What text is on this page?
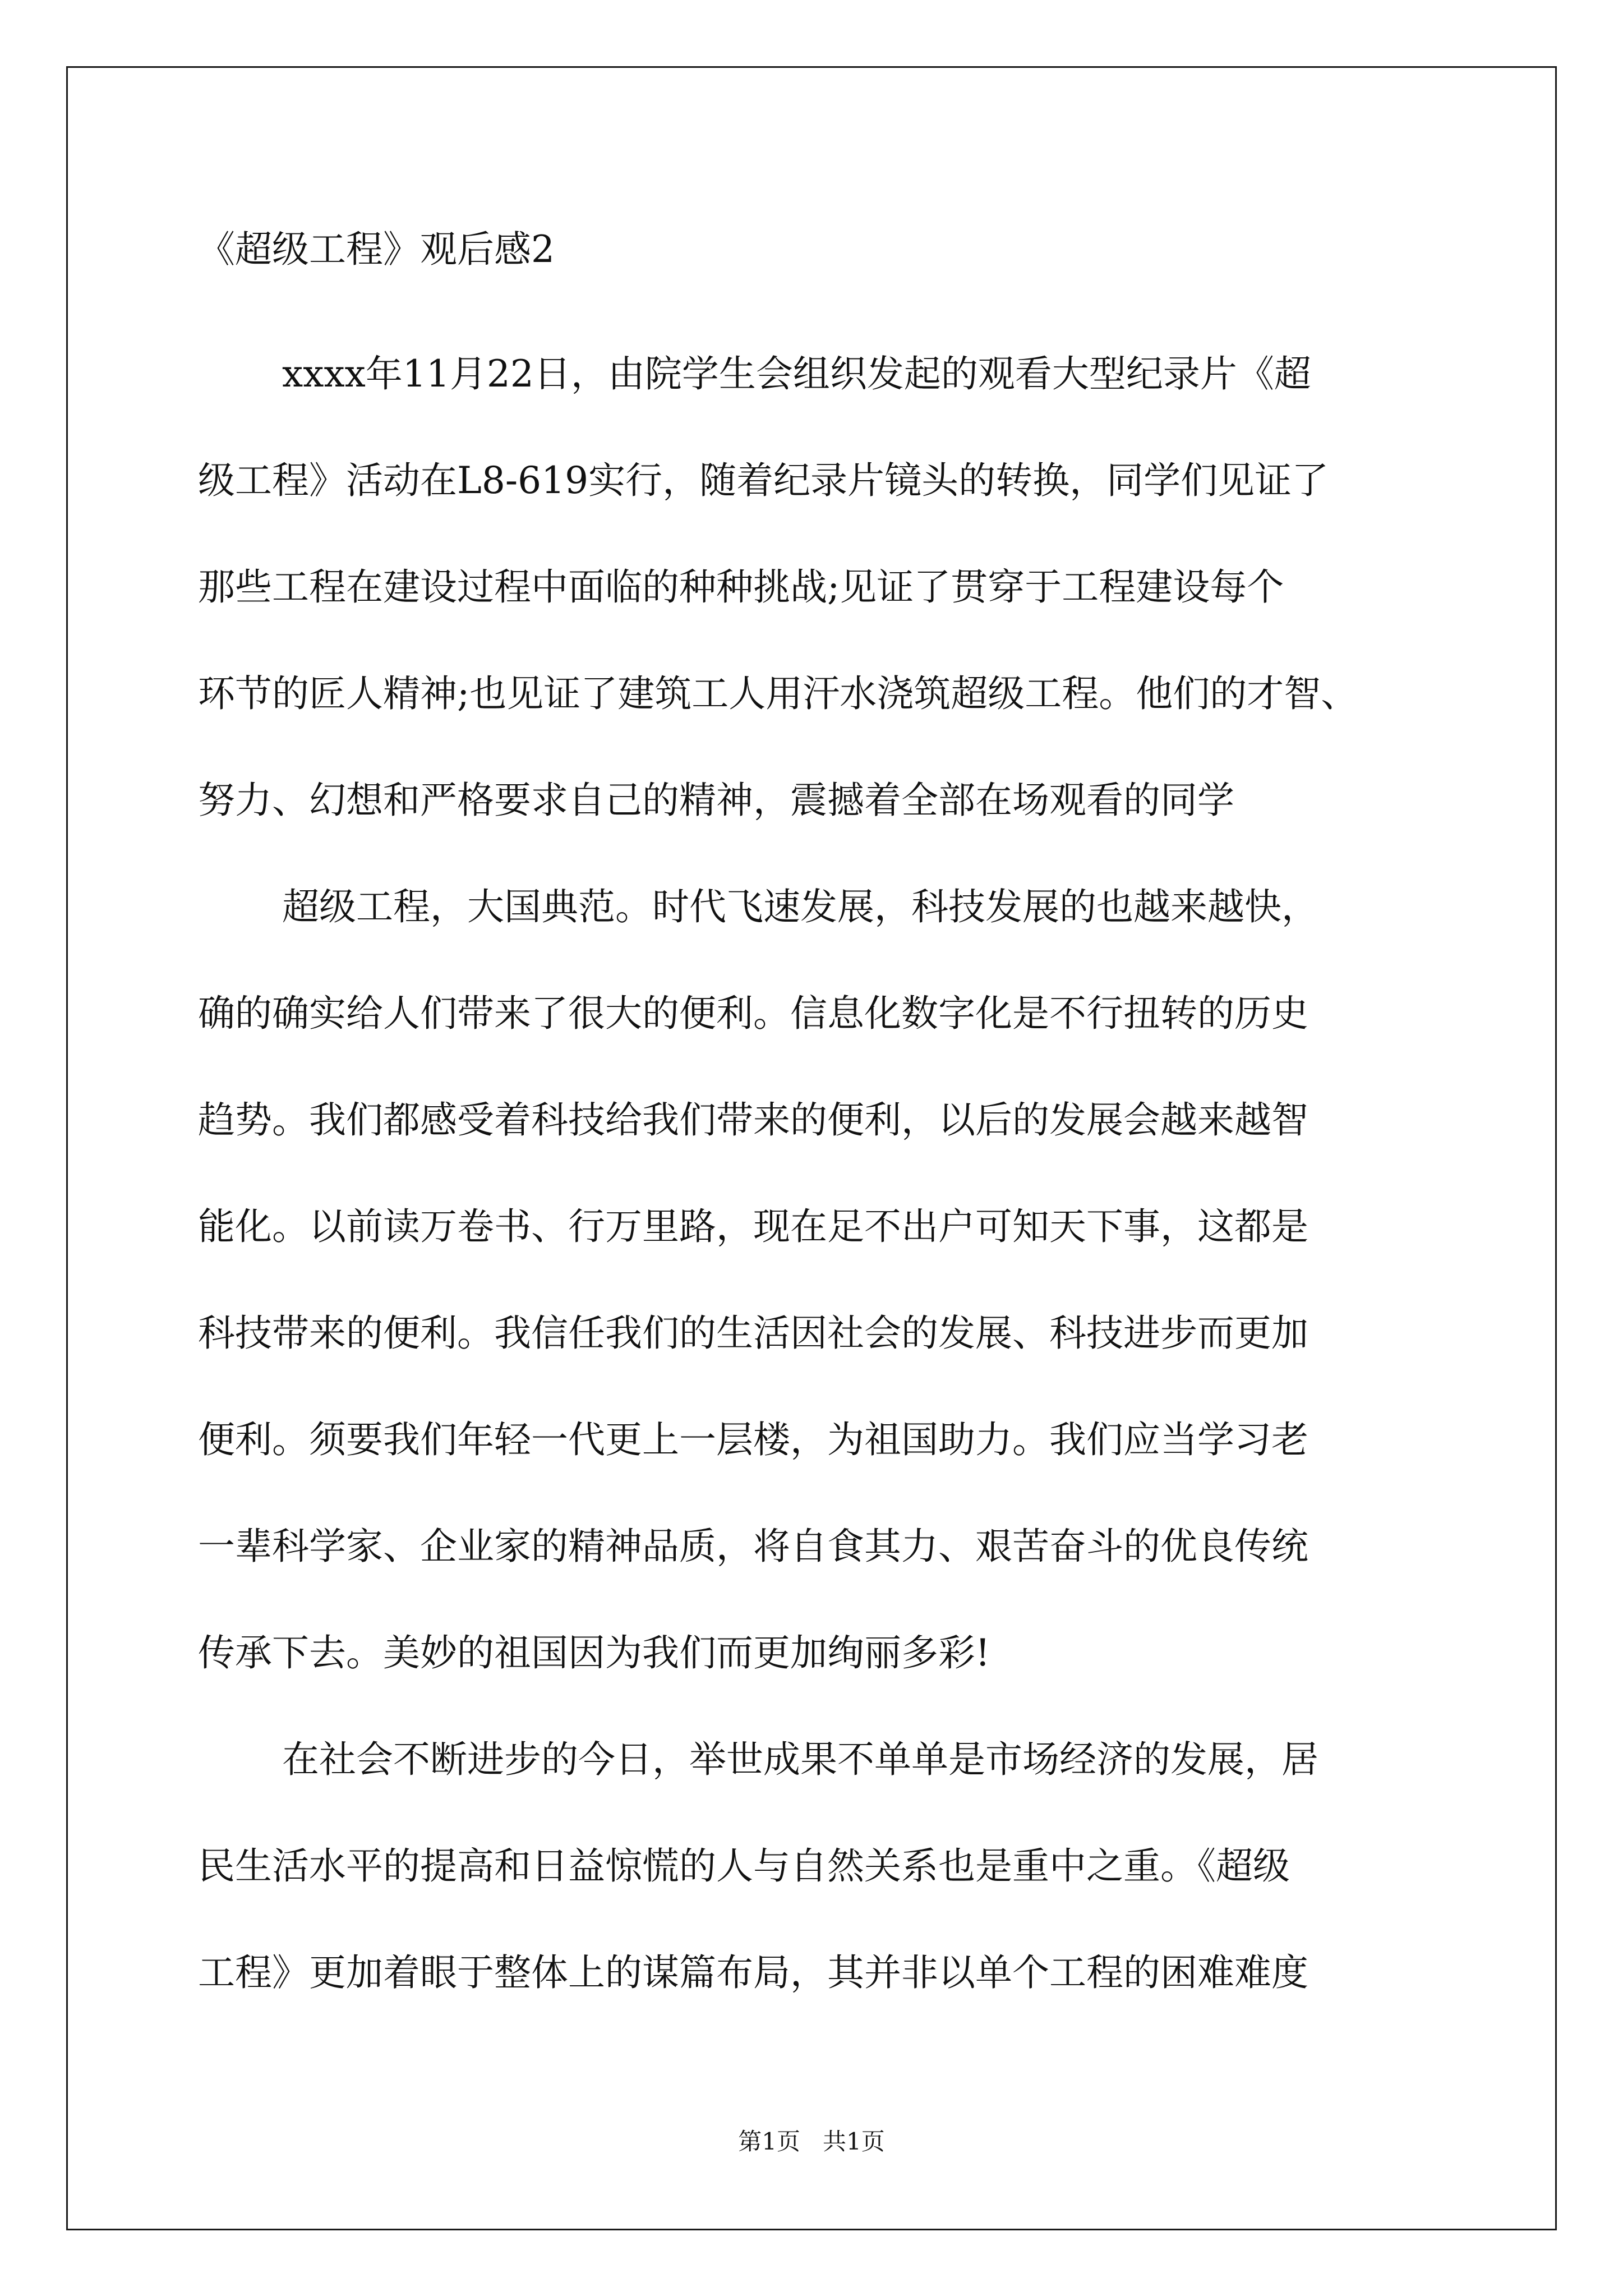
《超级工程》观后感2
xxxx年11月22日，由院学生会组织发起的观看大型纪录片《超
级工程》活动在L8-619实行，随着纪录片镜头的转换，同学们见证了
那些工程在建设过程中面临的种种挑战;见证了贯穿于工程建设每个
环节的匠人精神;也见证了建筑工人用汗水浇筑超级工程。他们的才智、
努力、幻想和严格要求自己的精神，震撼着全部在场观看的同学
超级工程，大国典范。时代飞速发展，科技发展的也越来越快，
确的确实给人们带来了很大的便利。信息化数字化是不行扭转的历史
趋势。我们都感受着科技给我们带来的便利，以后的发展会越来越智
能化。以前读万卷书、行万里路，现在足不出户可知天下事，这都是
科技带来的便利。我信任我们的生活因社会的发展、科技进步而更加
便利。须要我们年轻一代更上一层楼，为祖国助力。我们应当学习老
一辈科学家、企业家的精神品质，将自食其力、艰苦奋斗的优良传统
传承下去。美妙的祖国因为我们而更加绚丽多彩!
在社会不断进步的今日，举世成果不单单是市场经济的发展，居
民生活水平的提高和日益惊慌的人与自然关系也是重中之重。《超级
工程》更加着眼于整体上的谋篇布局，其并非以单个工程的困难难度
第1页   共1页
